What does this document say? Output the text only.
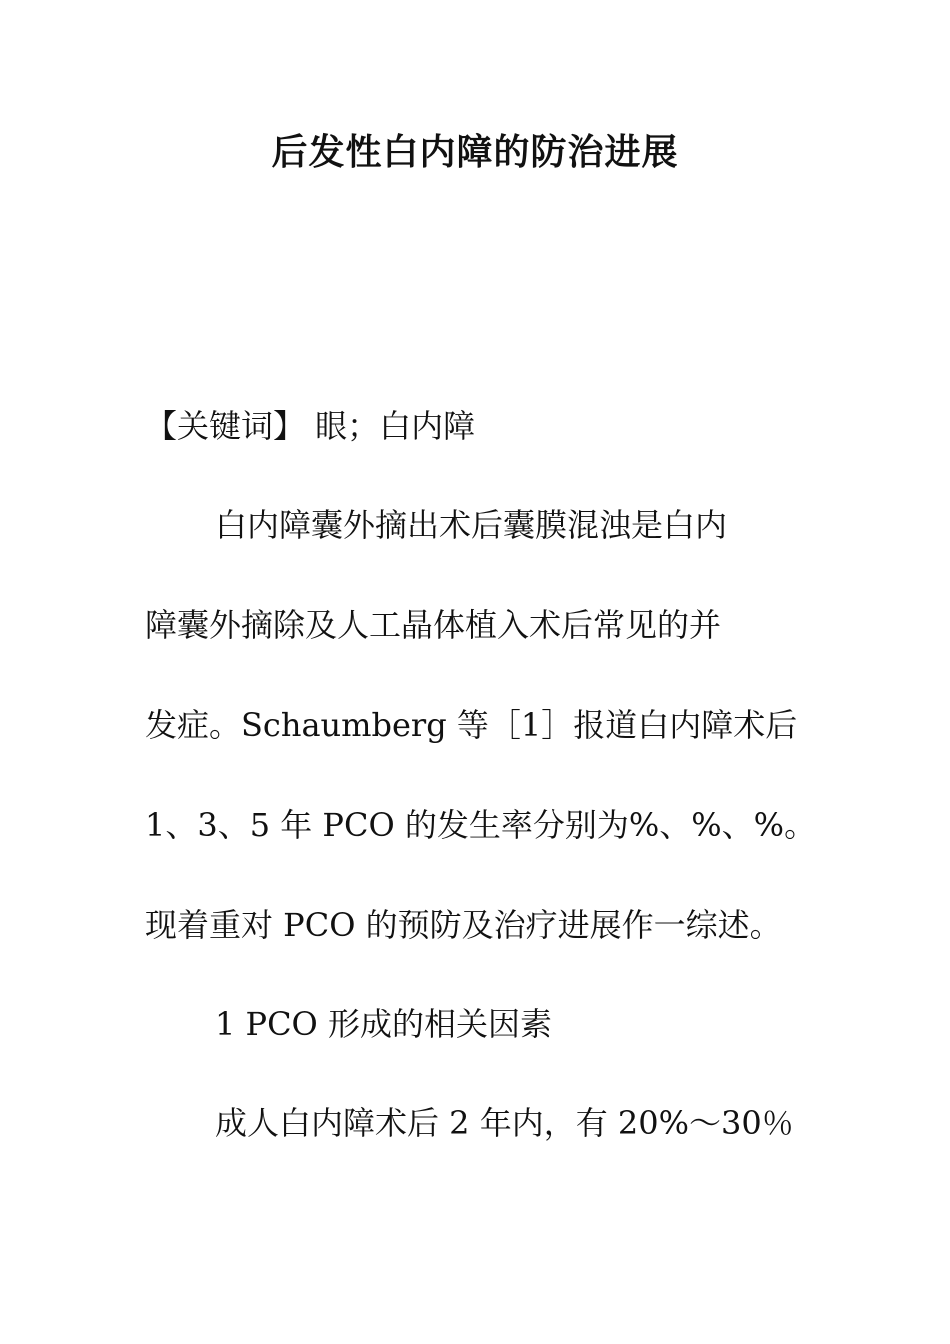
后发性白内障的防治进展
【关键词】 眼；白内障
白内障囊外摘出术后囊膜混浊是白内
障囊外摘除及人工晶体植入术后常见的并
发症。Schaumberg 等［1］报道白内障术后
1、3、5 年 PCO 的发生率分别为%、%、%。
现着重对 PCO 的预防及治疗进展作一综述。
1 PCO 形成的相关因素
成人白内障术后 2 年内，有 20%～30％
